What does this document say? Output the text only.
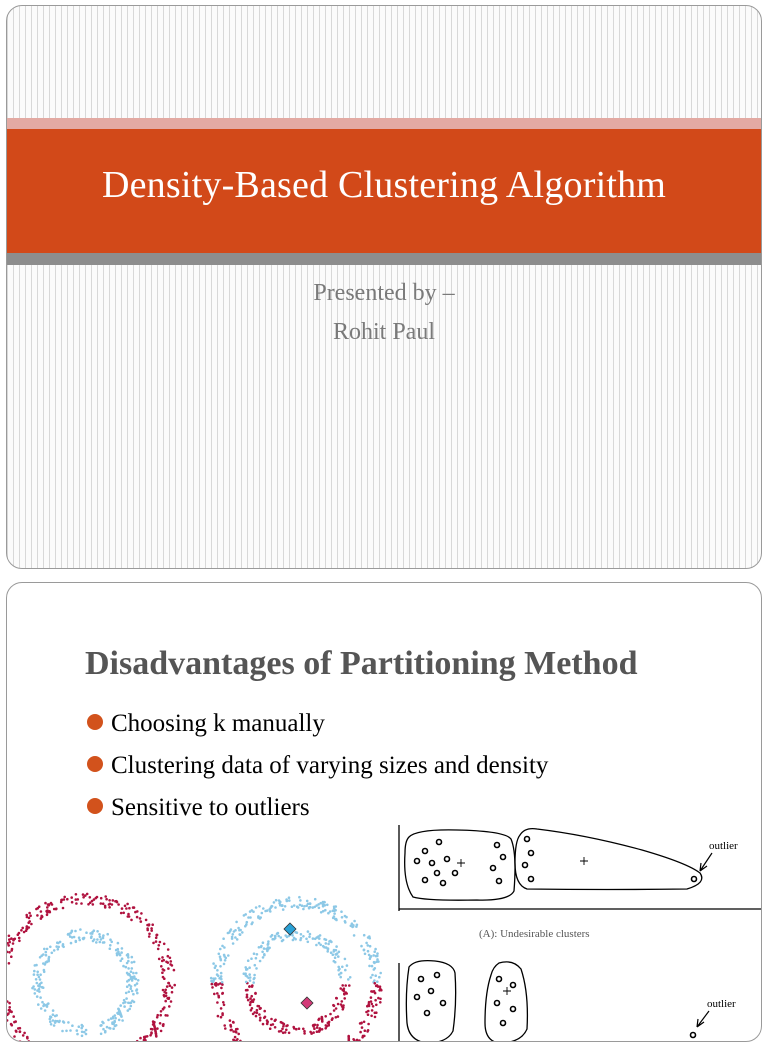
Density-Based Clustering Algorithm
Presented by –
Rohit Paul
Disadvantages of Partitioning Method
Choosing k manually
Clustering data of varying sizes and density
Sensitive to outliers
outlier
(A): Undesirable clusters
outlier
